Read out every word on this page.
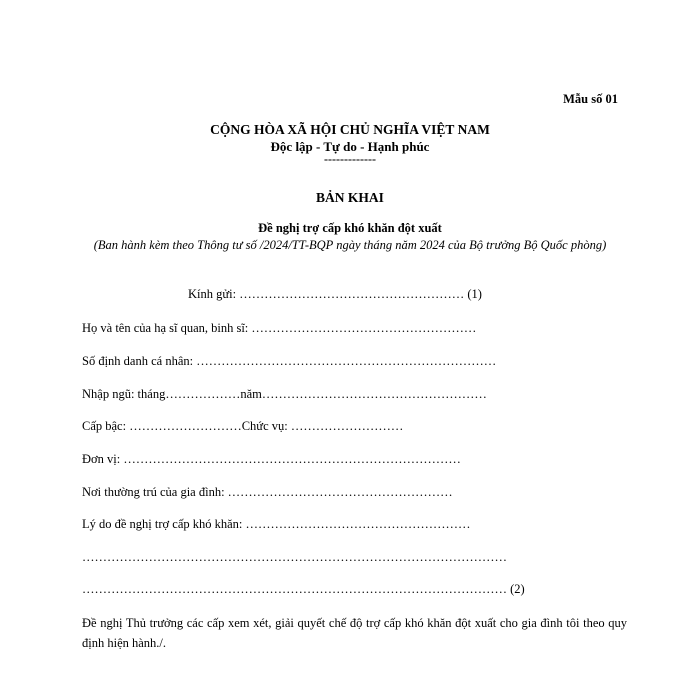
Mẫu số 01
CỘNG HÒA XÃ HỘI CHỦ NGHĨA VIỆT NAM
Độc lập - Tự do - Hạnh phúc
-------------
BẢN KHAI
Đề nghị trợ cấp khó khăn đột xuất
(Ban hành kèm theo Thông tư số /2024/TT-BQP ngày tháng năm 2024 của Bộ trưởng Bộ Quốc phòng)
Kính gửi: ……………………………………………… (1)
Họ và tên của hạ sĩ quan, binh sĩ: ………………………………………………
Số định danh cá nhân: ………………………………………………………………
Nhập ngũ: tháng………………năm………………………………………………
Cấp bậc: ………………………Chức vụ: ………………………
Đơn vị: ………………………………………………………………………
Nơi thường trú của gia đình: ………………………………………………
Lý do đề nghị trợ cấp khó khăn: ………………………………………………
…………………………………………………………………………………………
………………………………………………………………………………………… (2)
Đề nghị Thủ trưởng các cấp xem xét, giải quyết chế độ trợ cấp khó khăn đột xuất cho gia đình tôi theo quy định hiện hành./.
